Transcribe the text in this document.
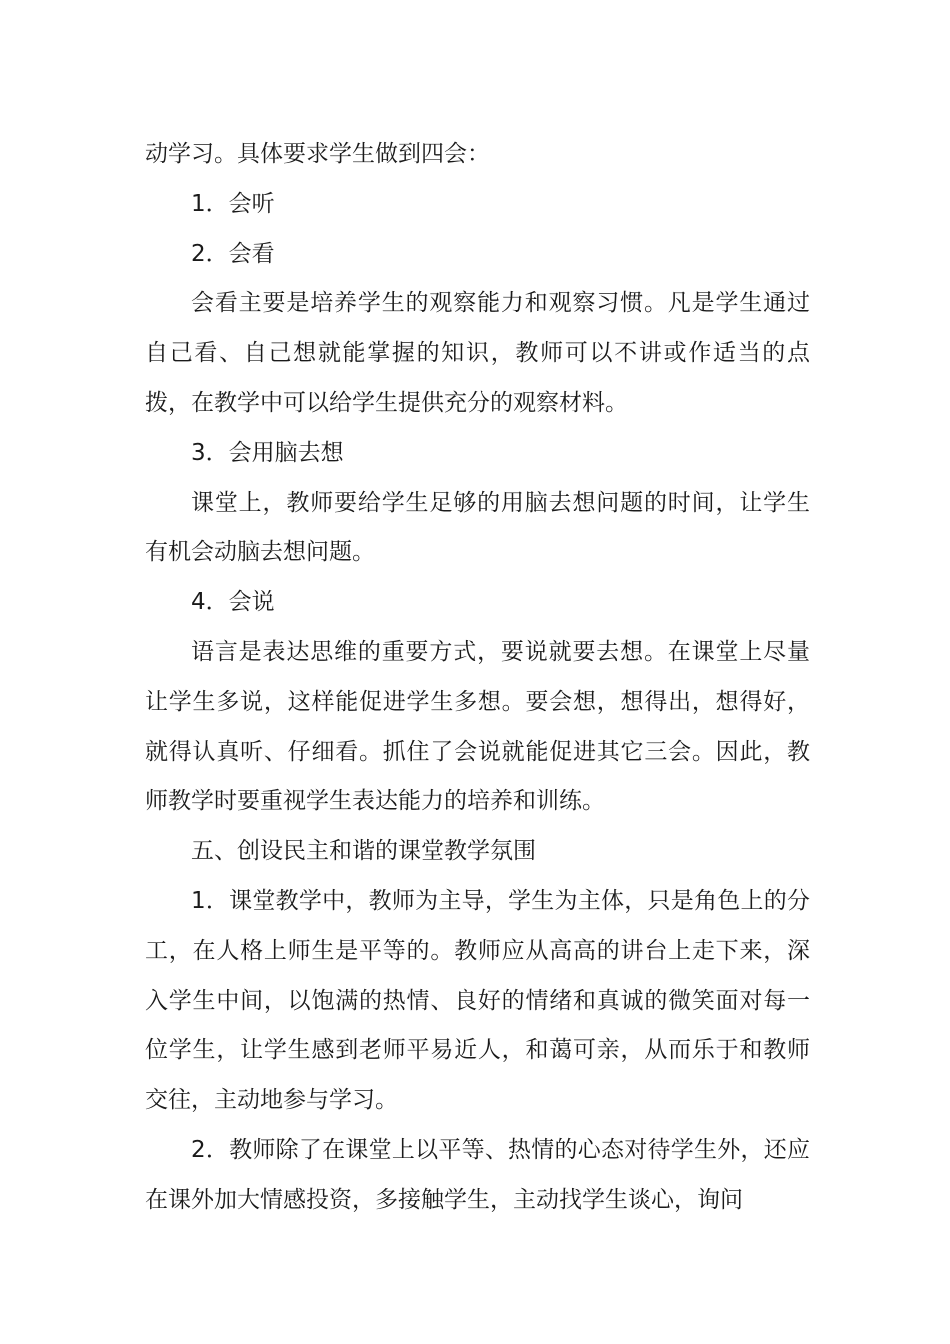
动学习。具体要求学生做到四会：

1．会听

2．会看

会看主要是培养学生的观察能力和观察习惯。凡是学生通过自己看、自己想就能掌握的知识，教师可以不讲或作适当的点拨，在教学中可以给学生提供充分的观察材料。

3．会用脑去想

课堂上，教师要给学生足够的用脑去想问题的时间，让学生有机会动脑去想问题。

4．会说

语言是表达思维的重要方式，要说就要去想。在课堂上尽量让学生多说，这样能促进学生多想。要会想，想得出，想得好，就得认真听、仔细看。抓住了会说就能促进其它三会。因此，教师教学时要重视学生表达能力的培养和训练。

五、创设民主和谐的课堂教学氛围

1．课堂教学中，教师为主导，学生为主体，只是角色上的分工，在人格上师生是平等的。教师应从高高的讲台上走下来，深入学生中间，以饱满的热情、良好的情绪和真诚的微笑面对每一位学生，让学生感到老师平易近人，和蔼可亲，从而乐于和教师交往，主动地参与学习。

2．教师除了在课堂上以平等、热情的心态对待学生外，还应在课外加大情感投资，多接触学生，主动找学生谈心，询问
